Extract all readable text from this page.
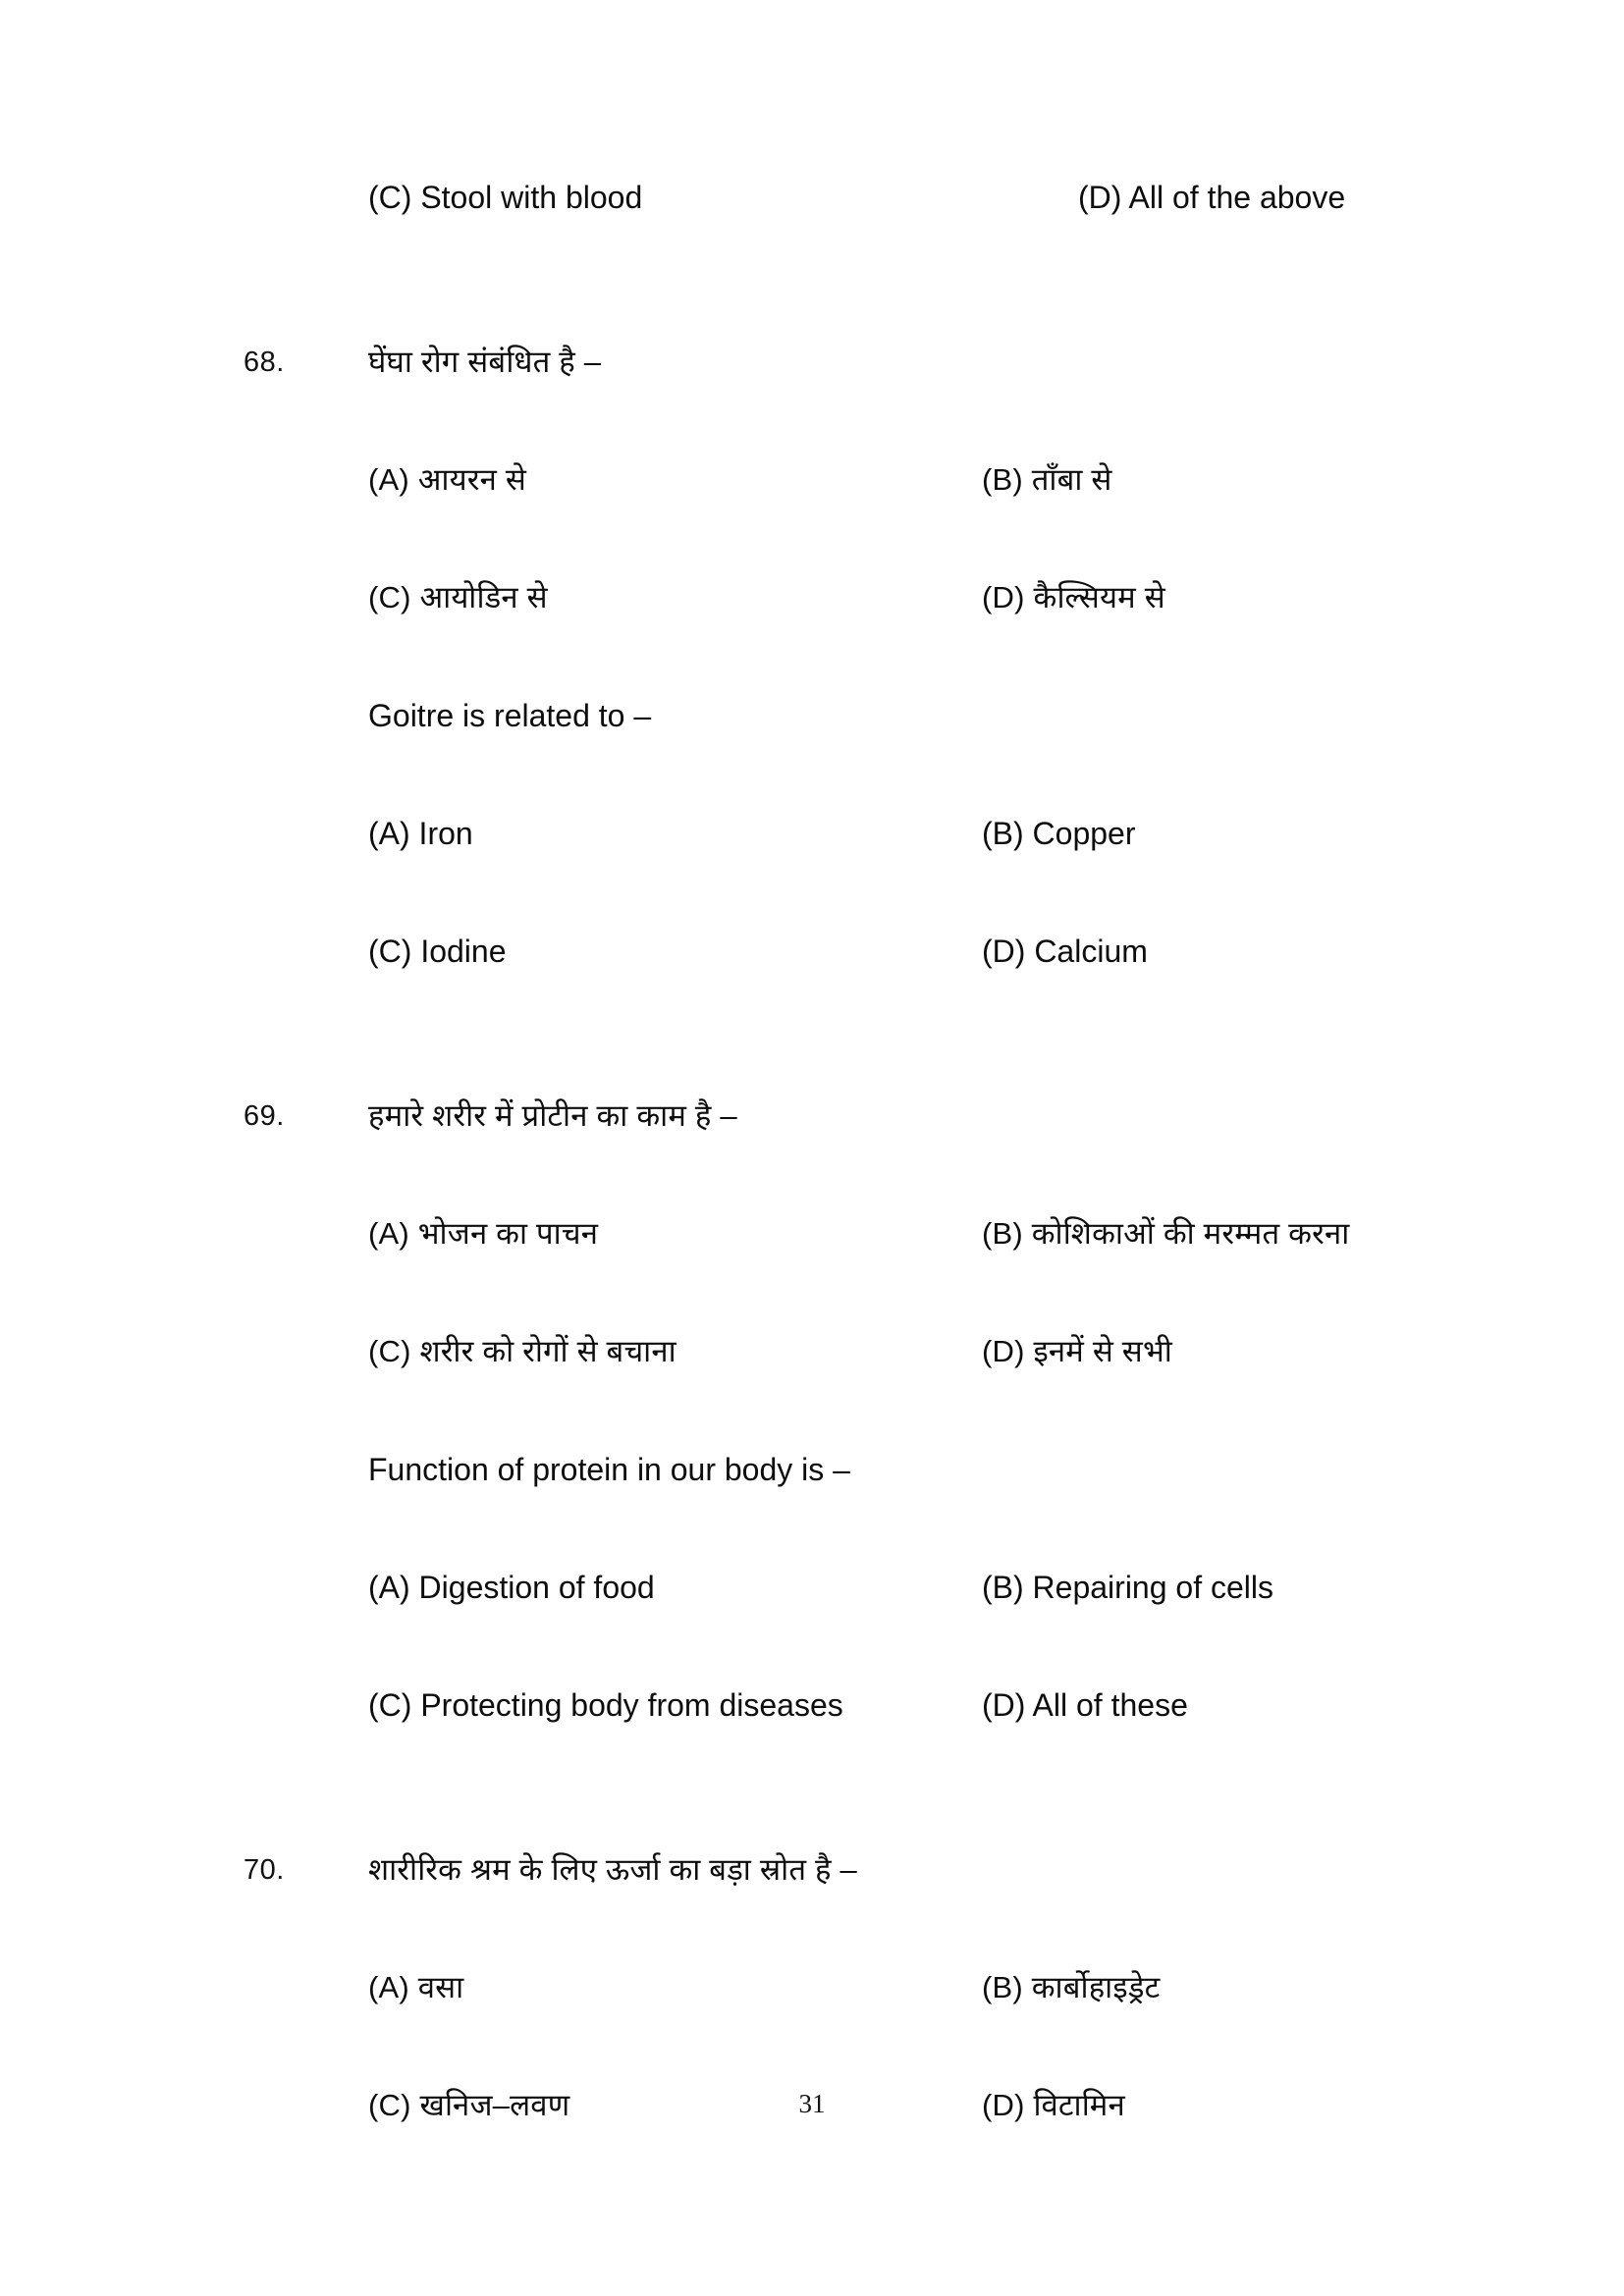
(C) Stool with blood	(D) All of the above
68.	घेंघा रोग संबंधित है –
(A) आयरन से	(B) ताँबा से
(C) आयोडिन से	(D) कैल्सियम से
Goitre is related to –
(A) Iron	(B) Copper
(C) Iodine	(D) Calcium
69.	हमारे शरीर में प्रोटीन का काम है –
(A) भोजन का पाचन	(B) कोशिकाओं की मरम्मत करना
(C) शरीर को रोगों से बचाना	(D) इनमें से सभी
Function of protein in our body is –
(A) Digestion of food	(B) Repairing of cells
(C) Protecting body from diseases	(D) All of these
70.	शारीरिक श्रम के लिए ऊर्जा का बड़ा स्रोत है –
(A) वसा	(B) कार्बोहाइड्रेट
(C) खनिज–लवण	(D) विटामिन
31
